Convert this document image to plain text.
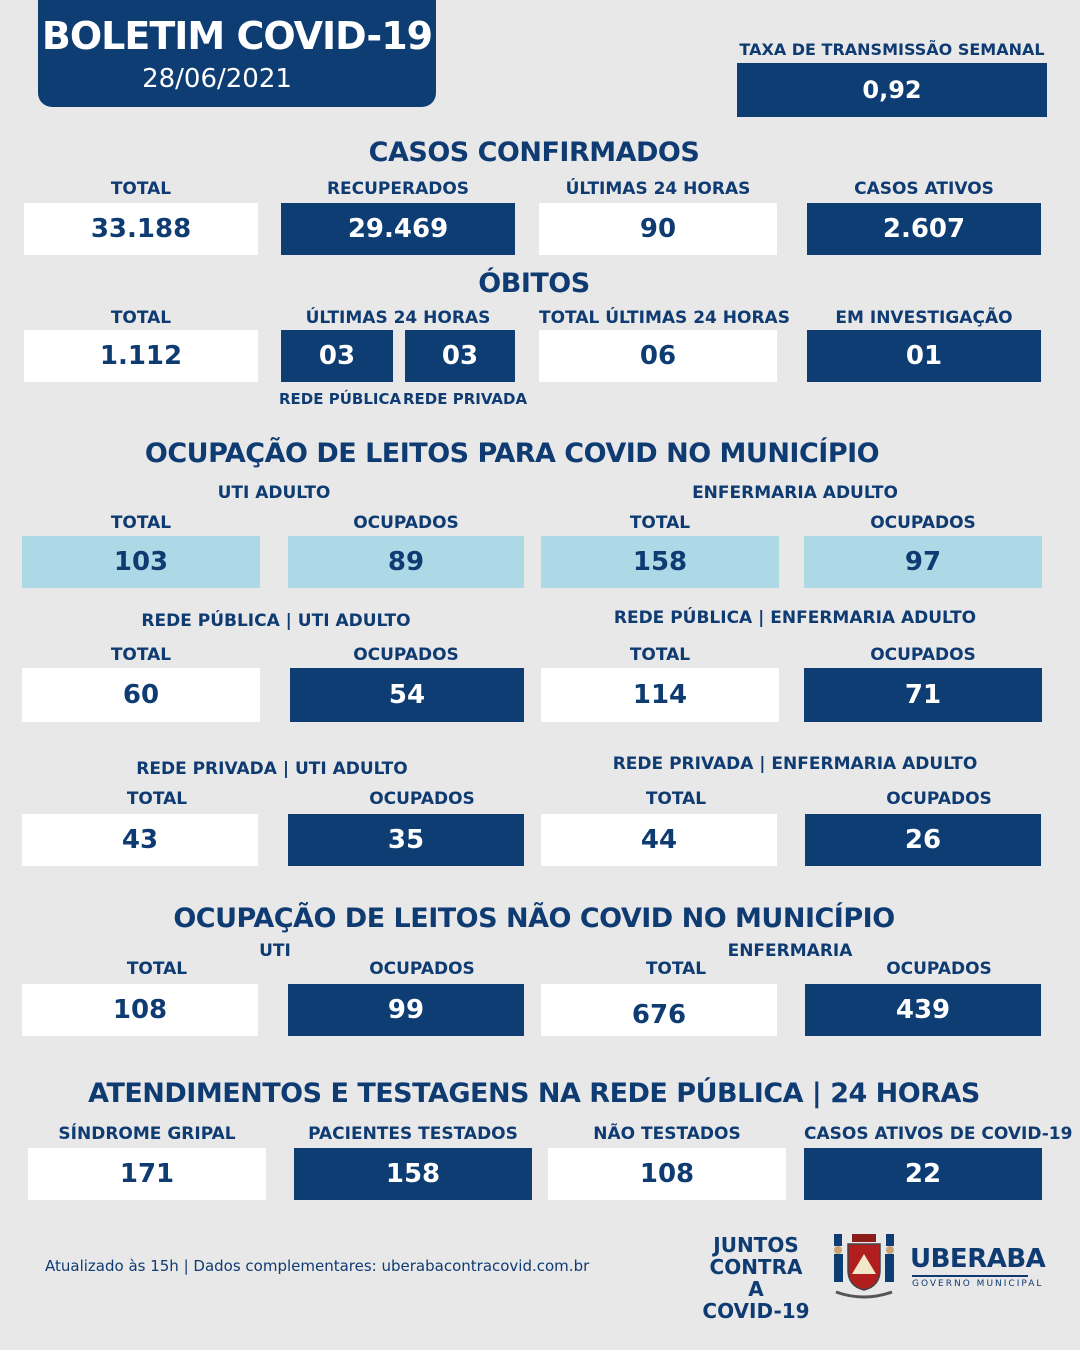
BOLETIM COVID-19
28/06/2021
TAXA DE TRANSMISSÃO SEMANAL
0,92
CASOS CONFIRMADOS
TOTAL	RECUPERADOS	ÚLTIMAS 24 HORAS	CASOS ATIVOS
33.188	29.469	90	2.607
ÓBITOS
TOTAL	ÚLTIMAS 24 HORAS	TOTAL ÚLTIMAS 24 HORAS	EM INVESTIGAÇÃO
1.112	03	03	06	01
REDE PÚBLICA REDE PRIVADA
OCUPAÇÃO DE LEITOS PARA COVID NO MUNICÍPIO
UTI ADULTO	ENFERMARIA ADULTO
TOTAL	OCUPADOS	TOTAL	OCUPADOS
103	89	158	97
REDE PÚBLICA | UTI ADULTO	REDE PÚBLICA | ENFERMARIA ADULTO
TOTAL	OCUPADOS	TOTAL	OCUPADOS
60	54	114	71
REDE PRIVADA | UTI ADULTO	REDE PRIVADA | ENFERMARIA ADULTO
TOTAL	OCUPADOS	TOTAL	OCUPADOS
43	35	44	26
OCUPAÇÃO DE LEITOS NÃO COVID NO MUNICÍPIO
UTI	ENFERMARIA
TOTAL	OCUPADOS	TOTAL	OCUPADOS
108	99	676	439
ATENDIMENTOS E TESTAGENS NA REDE PÚBLICA | 24 HORAS
SÍNDROME GRIPAL	PACIENTES TESTADOS	NÃO TESTADOS	CASOS ATIVOS DE COVID-19
171	158	108	22
Atualizado às 15h | Dados complementares: uberabacontracovid.com.br
JUNTOS
CONTRA A
COVID-19
UBERABA
GOVERNO MUNICIPAL
